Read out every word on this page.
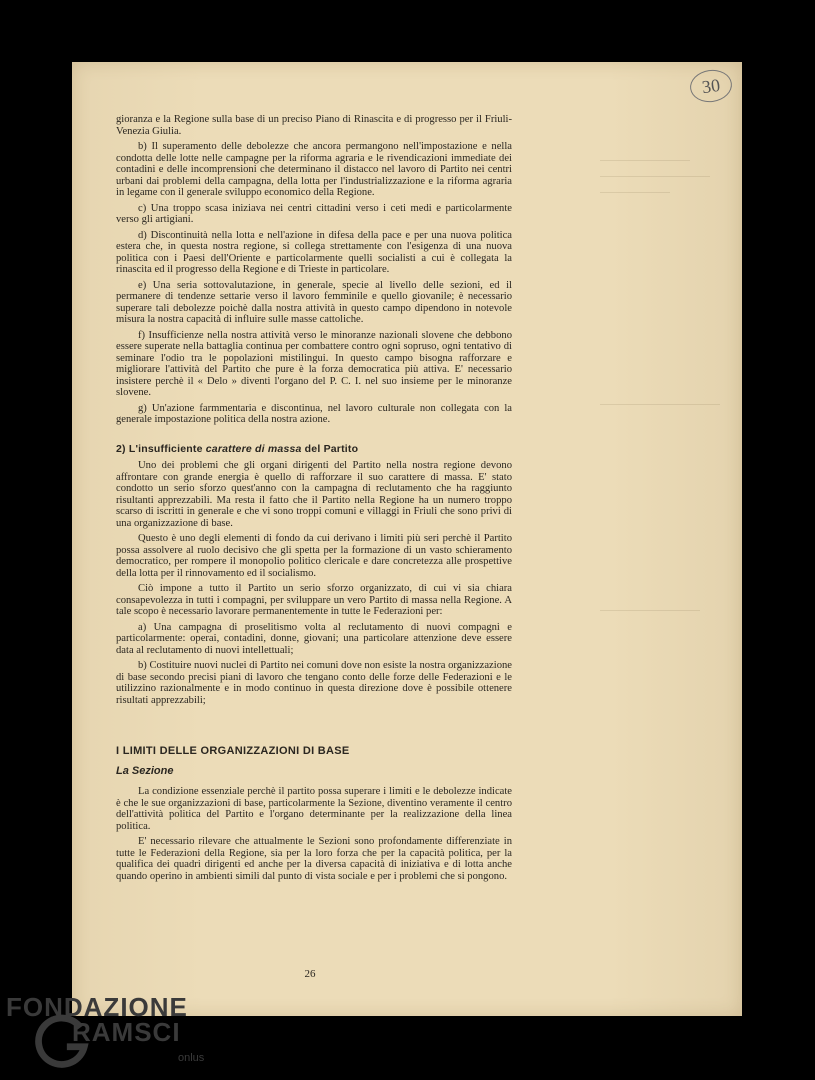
30

gioranza e la Regione sulla base di un preciso Piano di Rinascita e di progresso per il Friuli-Venezia Giulia.

b) Il superamento delle debolezze che ancora permangono nell'impostazione e nella condotta delle lotte nelle campagne per la riforma agraria e le rivendicazioni immediate dei contadini e delle incomprensioni che determinano il distacco nel lavoro di Partito nei centri urbani dai problemi della campagna, della lotta per l'industrializzazione e la riforma agraria in legame con il generale sviluppo economico della Regione.

c) Una troppo scasa iniziava nei centri cittadini verso i ceti medi e particolarmente verso gli artigiani.

d) Discontinuità nella lotta e nell'azione in difesa della pace e per una nuova politica estera che, in questa nostra regione, si collega strettamente con l'esigenza di una nuova politica con i Paesi dell'Oriente e particolarmente quelli socialisti a cui è collegata la rinascita ed il progresso della Regione e di Trieste in particolare.

e) Una seria sottovalutazione, in generale, specie al livello delle sezioni, ed il permanere di tendenze settarie verso il lavoro femminile e quello giovanile; è necessario superare tali debolezze poichè dalla nostra attività in questo campo dipendono in notevole misura la nostra capacità di influire sulle masse cattoliche.

f) Insufficienze nella nostra attività verso le minoranze nazionali slovene che debbono essere superate nella battaglia continua per combattere contro ogni sopruso, ogni tentativo di seminare l'odio tra le popolazioni mistilingui. In questo campo bisogna rafforzare e migliorare l'attività del Partito che pure è la forza democratica più attiva. E' necessario insistere perchè il « Delo » diventi l'organo del P. C. I. nel suo insieme per le minoranze slovene.

g) Un'azione farmmentaria e discontinua, nel lavoro culturale non collegata con la generale impostazione politica della nostra azione.

2) L'insufficiente carattere di massa del Partito

Uno dei problemi che gli organi dirigenti del Partito nella nostra regione devono affrontare con grande energia è quello di rafforzare il suo carattere di massa. E' stato condotto un serio sforzo quest'anno con la campagna di reclutamento che ha raggiunto risultanti apprezzabili. Ma resta il fatto che il Partito nella Regione ha un numero troppo scarso di iscritti in generale e che vi sono troppi comuni e villaggi in Friuli che sono privi di una organizzazione di base.

Questo è uno degli elementi di fondo da cui derivano i limiti più seri perchè il Partito possa assolvere al ruolo decisivo che gli spetta per la formazione di un vasto schieramento democratico, per rompere il monopolio politico clericale e dare concretezza alle prospettive della lotta per il rinnovamento ed il socialismo.

Ciò impone a tutto il Partito un serio sforzo organizzato, di cui vi sia chiara consapevolezza in tutti i compagni, per sviluppare un vero Partito di massa nella Regione. A tale scopo è necessario lavorare permanentemente in tutte le Federazioni per:

a) Una campagna di proselitismo volta al reclutamento di nuovi compagni e particolarmente: operai, contadini, donne, giovani; una particolare attenzione deve essere data al reclutamento di nuovi intellettuali;

b) Costituire nuovi nuclei di Partito nei comuni dove non esiste la nostra organizzazione di base secondo precisi piani di lavoro che tengano conto delle forze delle Federazioni e le utilizzino razionalmente e in modo continuo in questa direzione dove è possibile ottenere risultati apprezzabili;

I LIMITI DELLE ORGANIZZAZIONI DI BASE
La Sezione

La condizione essenziale perchè il partito possa superare i limiti e le debolezze indicate è che le sue organizzazioni di base, particolarmente la Sezione, diventino veramente il centro dell'attività politica del Partito e l'organo determinante per la realizzazione della linea politica.

E' necessario rilevare che attualmente le Sezioni sono profondamente differenziate in tutte le Federazioni della Regione, sia per la loro forza che per la capacità politica, per la qualifica dei quadri dirigenti ed anche per la diversa capacità di iniziativa e di lotta anche quando operino in ambienti simili dal punto di vista sociale e per i problemi che si pongono.

26
FONDAZIONE
RAMSCI
onlus
